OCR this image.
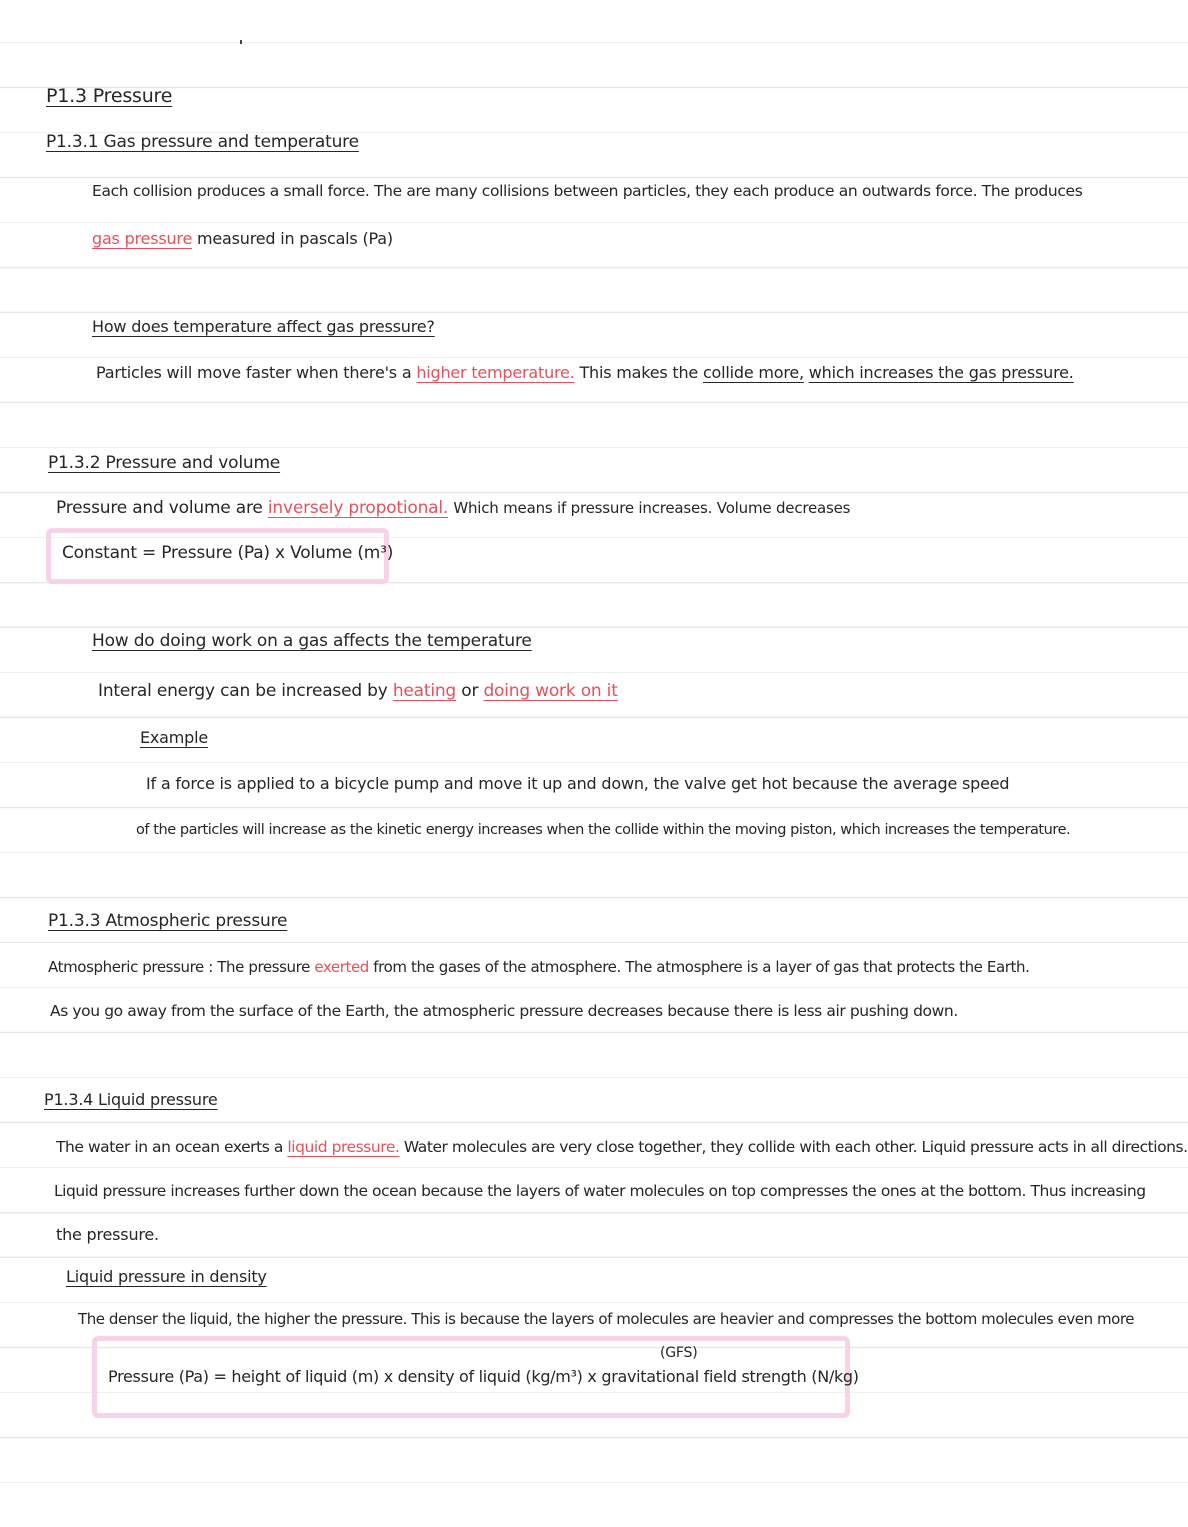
P1.3 Pressure
P1.3.1 Gas pressure and temperature
Each collision produces a small force. The are many collisions between particles, they each produce an outwards force. The produces
gas pressure measured in pascals (Pa)
How does temperature affect gas pressure?
Particles will move faster when there's a higher temperature. This makes the collide more, which increases the gas pressure.
P1.3.2 Pressure and volume
Pressure and volume are inversely propotional. Which means if pressure increases. Volume decreases
Constant = Pressure (Pa) x Volume (m³)
How do doing work on a gas affects the temperature
Interal energy can be increased by heating or doing work on it
Example
If a force is applied to a bicycle pump and move it up and down, the valve get hot because the average speed
of the particles will increase as the kinetic energy increases when the collide within the moving piston, which increases the temperature.
P1.3.3 Atmospheric pressure
Atmospheric pressure : The pressure exerted from the gases of the atmosphere. The atmosphere is a layer of gas that protects the Earth.
As you go away from the surface of the Earth, the atmospheric pressure decreases because there is less air pushing down.
P1.3.4 Liquid pressure
The water in an ocean exerts a liquid pressure. Water molecules are very close together, they collide with each other. Liquid pressure acts in all directions.
Liquid pressure increases further down the ocean because the layers of water molecules on top compresses the ones at the bottom. Thus increasing
the pressure.
Liquid pressure in density
The denser the liquid, the higher the pressure. This is because the layers of molecules are heavier and compresses the bottom molecules even more
(GFS)
Pressure (Pa) = height of liquid (m) x density of liquid (kg/m³) x gravitational field strength (N/kg)
